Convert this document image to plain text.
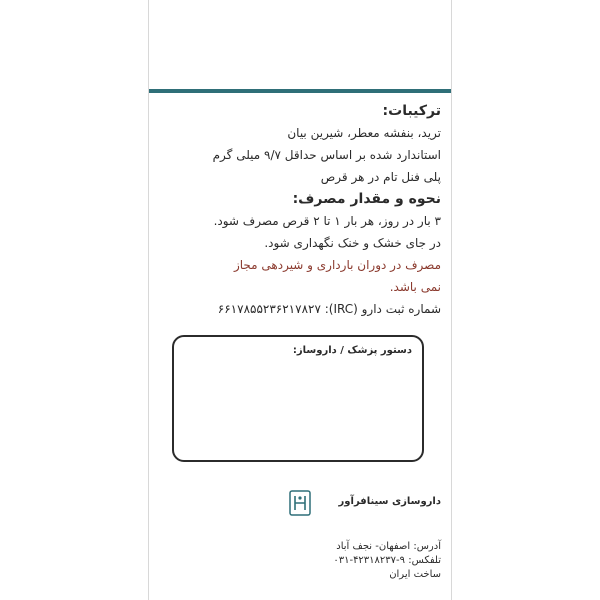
ترکیبات:

ترید، بنفشه معطر، شیرین بیان

استاندارد شده بر اساس حداقل ۹/۷ میلی گرم

پلی فنل تام در هر قرص

نحوه و مقدار مصرف:

۳ بار در روز، هر بار ۱ تا ۲ قرص مصرف شود.

در جای خشک و خنک نگهداری شود.

مصرف در دوران بارداری و شیردهی مجاز

نمی باشد.

شماره ثبت دارو (IRC): ۶۶۱۷۸۵۵۲۳۶۲۱۷۸۲۷

دستور پزشک / داروساز:
داروسازی سینافرآور
آدرس: اصفهان- نجف آباد
تلفکس: ۹-۴۲۳۱۸۲۳۷-۰۳۱
ساخت ایران
